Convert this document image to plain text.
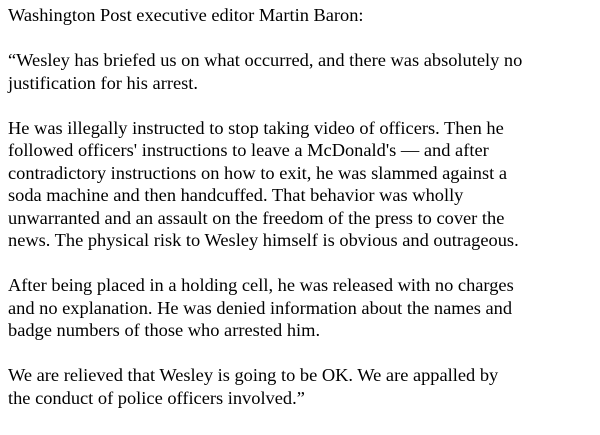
Washington Post executive editor Martin Baron:

“Wesley has briefed us on what occurred, and there was absolutely no
justification for his arrest.

He was illegally instructed to stop taking video of officers. Then he
followed officers' instructions to leave a McDonald's — and after
contradictory instructions on how to exit, he was slammed against a
soda machine and then handcuffed. That behavior was wholly
unwarranted and an assault on the freedom of the press to cover the
news. The physical risk to Wesley himself is obvious and outrageous.

After being placed in a holding cell, he was released with no charges
and no explanation. He was denied information about the names and
badge numbers of those who arrested him.

We are relieved that Wesley is going to be OK. We are appalled by
the conduct of police officers involved.”
